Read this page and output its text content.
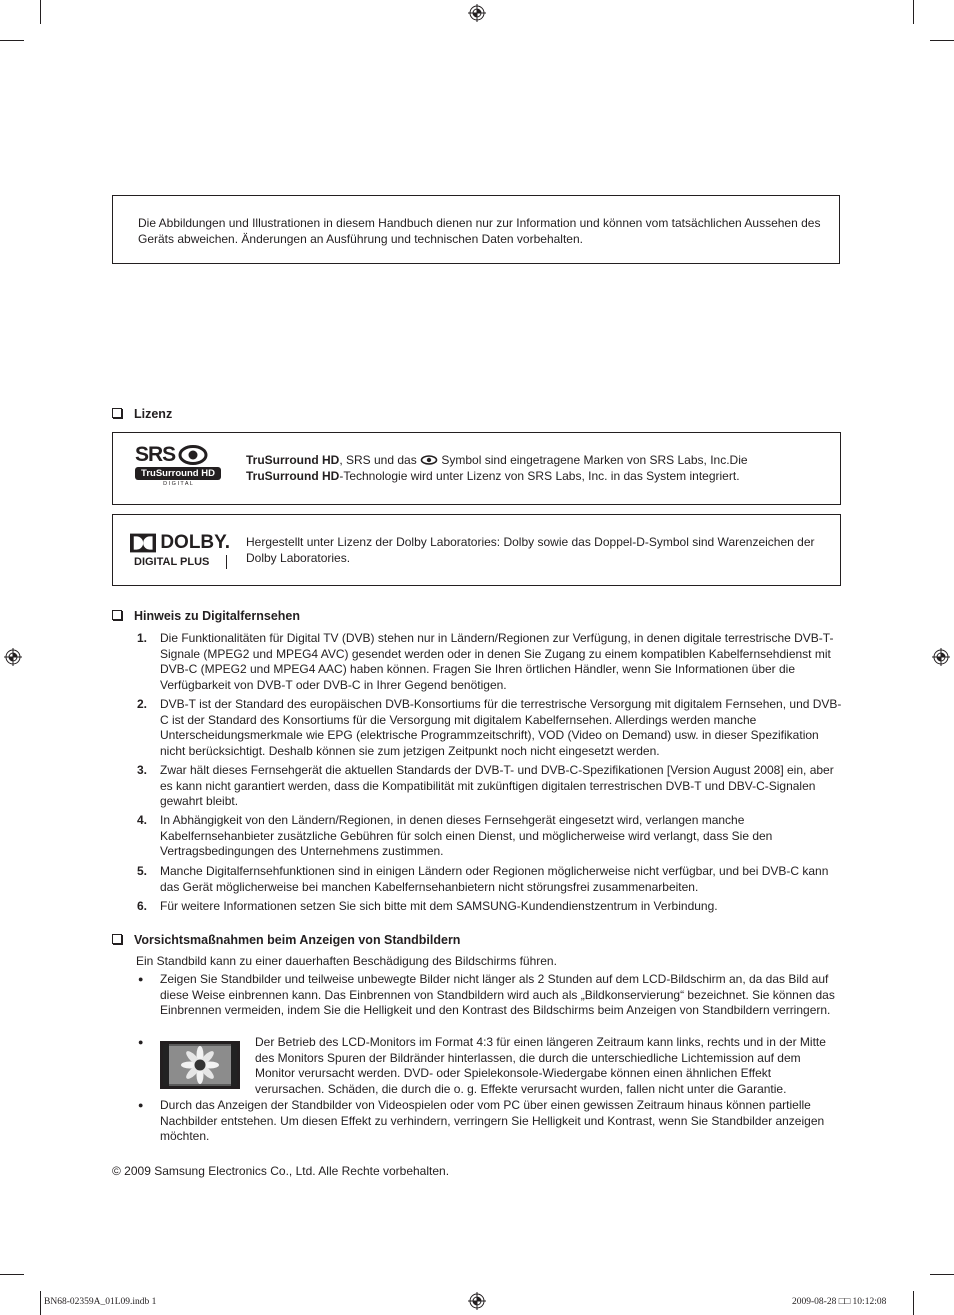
Die Abbildungen und Illustrationen in diesem Handbuch dienen nur zur Information und können vom tatsächlichen Aussehen des Geräts abweichen. Änderungen an Ausführung und technischen Daten vorbehalten.
Lizenz
SRS
TruSurround HD
D I G I T A L
TruSurround HD, SRS und das  Symbol sind eingetragene Marken von SRS Labs, Inc.Die
TruSurround HD-Technologie wird unter Lizenz von SRS Labs, Inc. in das System integriert.
DOLBY.
DIGITAL PLUS
Hergestellt unter Lizenz der Dolby Laboratories: Dolby sowie das Doppel-D-Symbol sind Warenzeichen der Dolby Laboratories.
Hinweis zu Digitalfernsehen
1. Die Funktionalitäten für Digital TV (DVB) stehen nur in Ländern/Regionen zur Verfügung, in denen digitale terrestrische DVB-T-Signale (MPEG2 und MPEG4 AVC) gesendet werden oder in denen Sie Zugang zu einem kompatiblen Kabelfernsehdienst mit DVB-C (MPEG2 und MPEG4 AAC) haben können. Fragen Sie Ihren örtlichen Händler, wenn Sie Informationen über die Verfügbarkeit von DVB-T oder DVB-C in Ihrer Gegend benötigen.
2. DVB-T ist der Standard des europäischen DVB-Konsortiums für die terrestrische Versorgung mit digitalem Fernsehen, und DVB-C ist der Standard des Konsortiums für die Versorgung mit digitalem Kabelfernsehen. Allerdings werden manche Unterscheidungsmerkmale wie EPG (elektrische Programmzeitschrift), VOD (Video on Demand) usw. in dieser Spezifikation nicht berücksichtigt. Deshalb können sie zum jetzigen Zeitpunkt noch nicht eingesetzt werden.
3. Zwar hält dieses Fernsehgerät die aktuellen Standards der DVB-T- und DVB-C-Spezifikationen [Version August 2008] ein, aber es kann nicht garantiert werden, dass die Kompatibilität mit zukünftigen digitalen terrestrischen DVB-T und DBV-C-Signalen gewahrt bleibt.
4. In Abhängigkeit von den Ländern/Regionen, in denen dieses Fernsehgerät eingesetzt wird, verlangen manche Kabelfernsehanbieter zusätzliche Gebühren für solch einen Dienst, und möglicherweise wird verlangt, dass Sie den Vertragsbedingungen des Unternehmens zustimmen.
5. Manche Digitalfernsehfunktionen sind in einigen Ländern oder Regionen möglicherweise nicht verfügbar, und bei DVB-C kann das Gerät möglicherweise bei manchen Kabelfernsehanbietern nicht störungsfrei zusammenarbeiten.
6. Für weitere Informationen setzen Sie sich bitte mit dem SAMSUNG-Kundendienstzentrum in Verbindung.
Vorsichtsmaßnahmen beim Anzeigen von Standbildern
Ein Standbild kann zu einer dauerhaften Beschädigung des Bildschirms führen.
● Zeigen Sie Standbilder und teilweise unbewegte Bilder nicht länger als 2 Stunden auf dem LCD-Bildschirm an, da das Bild auf diese Weise einbrennen kann. Das Einbrennen von Standbildern wird auch als „Bildkonservierung“ bezeichnet. Sie können das Einbrennen vermeiden, indem Sie die Helligkeit und den Kontrast des Bildschirms beim Anzeigen von Standbildern verringern.
●	Der Betrieb des LCD-Monitors im Format 4:3 für einen längeren Zeitraum kann links, rechts und in der Mitte des Monitors Spuren der Bildränder hinterlassen, die durch die unterschiedliche Lichtemission auf dem Monitor verursacht werden. DVD- oder Spielekonsole-Wiedergabe können einen ähnlichen Effekt verursachen. Schäden, die durch die o. g. Effekte verursacht wurden, fallen nicht unter die Garantie.
● Durch das Anzeigen der Standbilder von Videospielen oder vom PC über einen gewissen Zeitraum hinaus können partielle Nachbilder entstehen. Um diesen Effekt zu verhindern, verringern Sie Helligkeit und Kontrast, wenn Sie Standbilder anzeigen möchten.
© 2009 Samsung Electronics Co., Ltd. Alle Rechte vorbehalten.
BN68-02359A_01L09.indb 1	2009-08-28 □□ 10:12:08
